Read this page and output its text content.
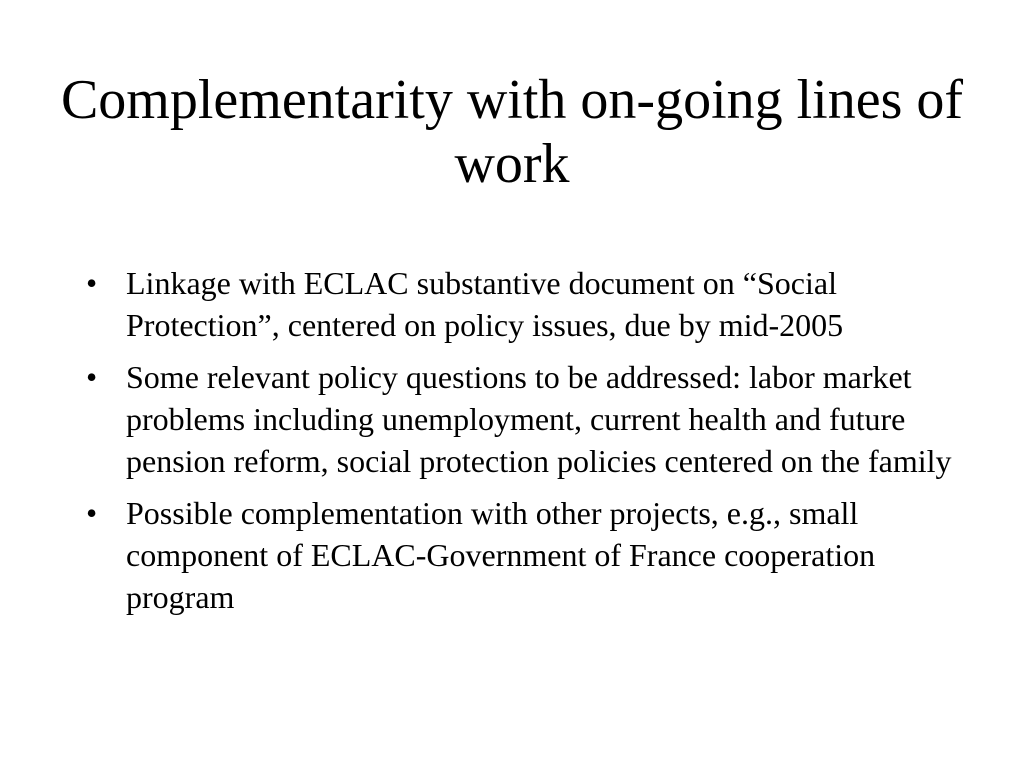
Complementarity with on-going lines of work
• Linkage with ECLAC substantive document on “Social Protection”, centered on policy issues, due by mid-2005
• Some relevant policy questions to be addressed: labor market problems including unemployment, current health and future pension reform, social protection policies centered on the family
• Possible complementation with other projects, e.g., small component of ECLAC-Government of France cooperation program
